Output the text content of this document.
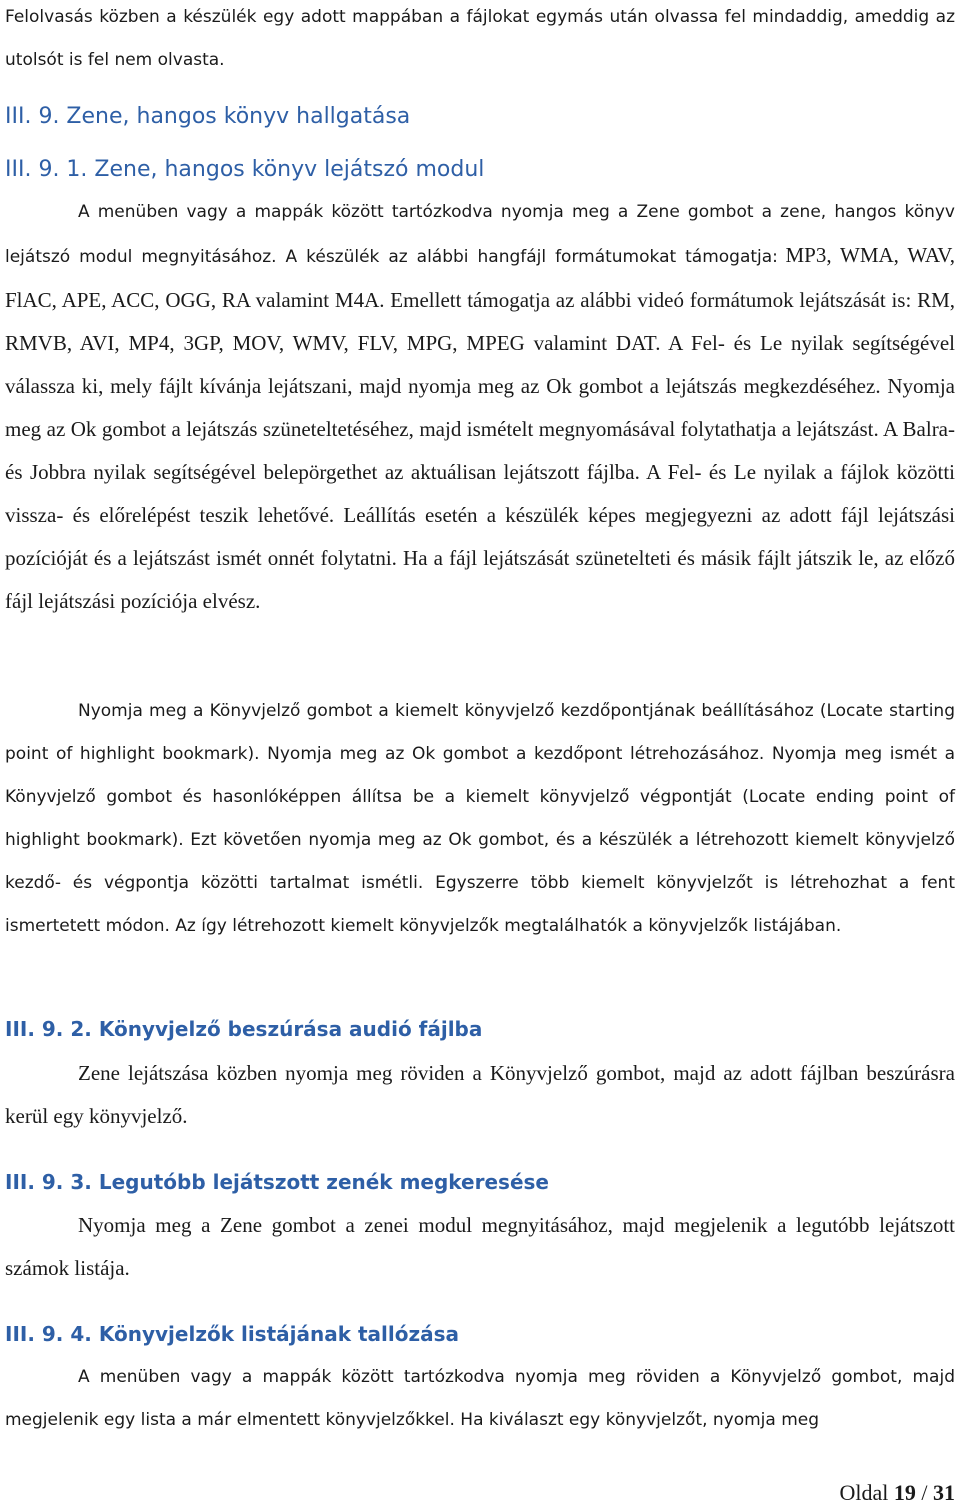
Felolvasás közben a készülék egy adott mappában a fájlokat egymás után olvassa fel mindaddig, ameddig az utolsót is fel nem olvasta.
III. 9. Zene, hangos könyv hallgatása
III. 9. 1. Zene, hangos könyv lejátszó modul
A menüben vagy a mappák között tartózkodva nyomja meg a Zene gombot a zene, hangos könyv lejátszó modul megnyitásához. A készülék az alábbi hangfájl formátumokat támogatja: MP3, WMA, WAV, FlAC, APE, ACC, OGG, RA valamint M4A. Emellett támogatja az alábbi videó formátumok lejátszását is: RM, RMVB, AVI, MP4, 3GP, MOV, WMV, FLV, MPG, MPEG valamint DAT. A Fel- és Le nyilak segítségével válassza ki, mely fájlt kívánja lejátszani, majd nyomja meg az Ok gombot a lejátszás megkezdéséhez. Nyomja meg az Ok gombot a lejátszás szüneteltetéséhez, majd ismételt megnyomásával folytathatja a lejátszást. A Balra- és Jobbra nyilak segítségével belepörgethet az aktuálisan lejátszott fájlba. A Fel- és Le nyilak a fájlok közötti vissza- és előrelépést teszik lehetővé. Leállítás esetén a készülék képes megjegyezni az adott fájl lejátszási pozícióját és a lejátszást ismét onnét folytatni. Ha a fájl lejátszását szünetelteti és másik fájlt játszik le, az előző fájl lejátszási pozíciója elvész.
Nyomja meg a Könyvjelző gombot a kiemelt könyvjelző kezdőpontjának beállításához (Locate starting point of highlight bookmark). Nyomja meg az Ok gombot a kezdőpont létrehozásához. Nyomja meg ismét a Könyvjelző gombot és hasonlóképpen állítsa be a kiemelt könyvjelző végpontját (Locate ending point of highlight bookmark). Ezt követően nyomja meg az Ok gombot, és a készülék a létrehozott kiemelt könyvjelző kezdő- és végpontja közötti tartalmat ismétli. Egyszerre több kiemelt könyvjelzőt is létrehozhat a fent ismertetett módon. Az így létrehozott kiemelt könyvjelzők megtalálhatók a könyvjelzők listájában.
III. 9. 2. Könyvjelző beszúrása audió fájlba
Zene lejátszása közben nyomja meg röviden a Könyvjelző gombot, majd az adott fájlban beszúrásra kerül egy könyvjelző.
III. 9. 3. Legutóbb lejátszott zenék megkeresése
Nyomja meg a Zene gombot a zenei modul megnyitásához, majd megjelenik a legutóbb lejátszott számok listája.
III. 9. 4. Könyvjelzők listájának tallózása
A menüben vagy a mappák között tartózkodva nyomja meg röviden a Könyvjelző gombot, majd megjelenik egy lista a már elmentett könyvjelzőkkel. Ha kiválaszt egy könyvjelzőt, nyomja meg
Oldal 19 / 31
